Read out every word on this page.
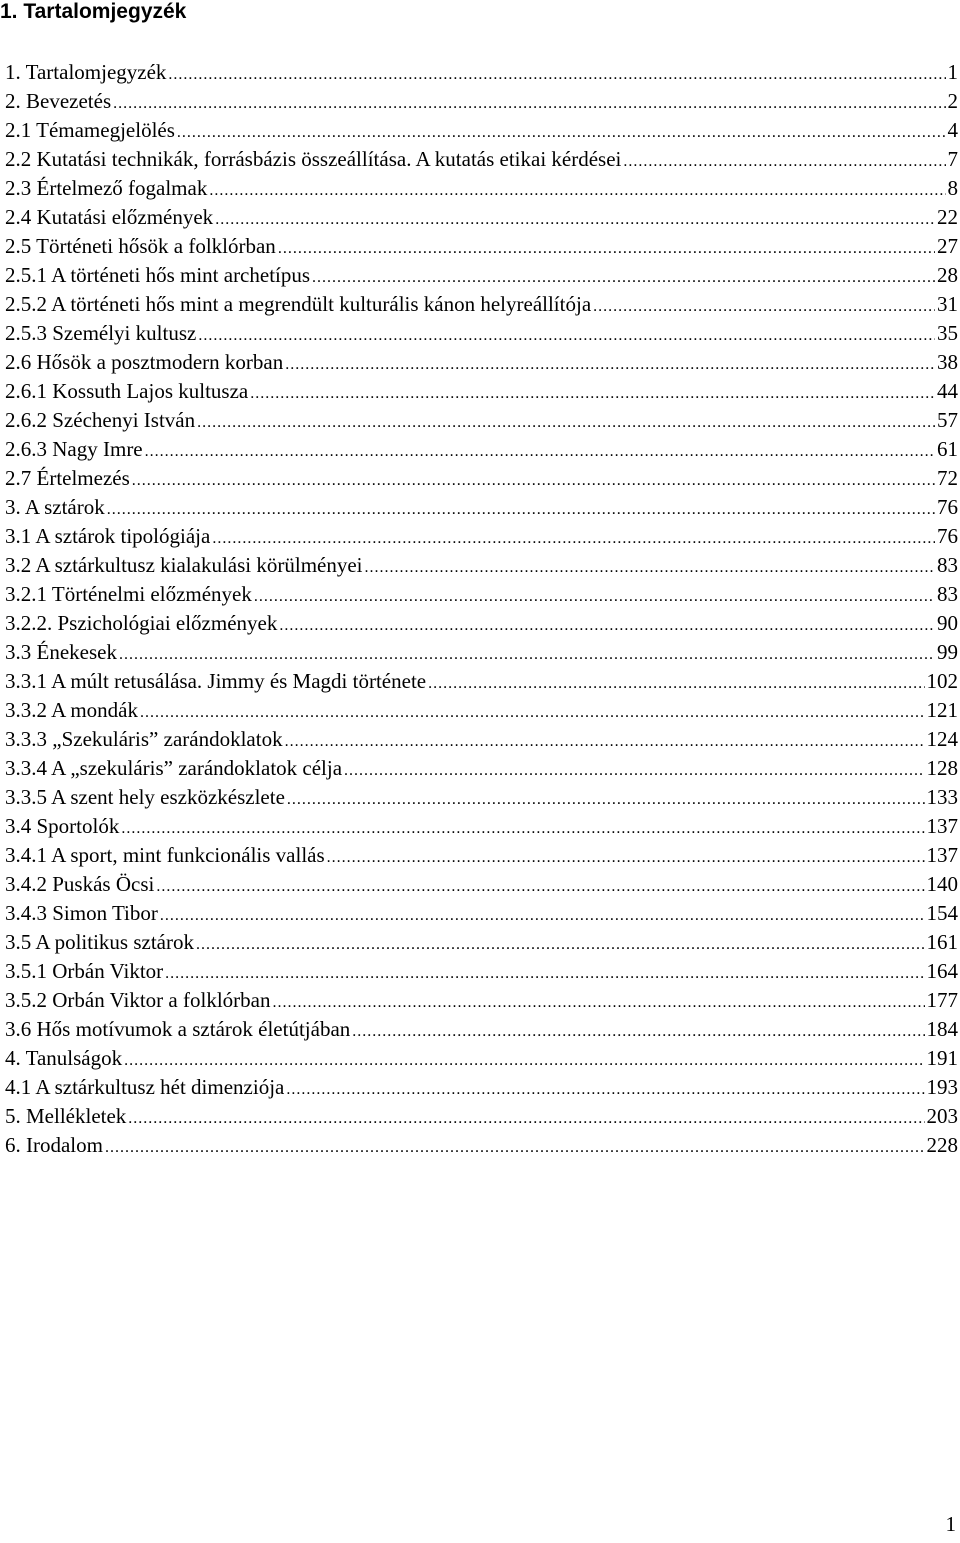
1. Tartalomjegyzék
1. Tartalomjegyzék .....	1
2. Bevezetés .....	2
2.1 Témamegjelölés .....	4
2.2 Kutatási technikák, forrásbázis összeállítása. A kutatás etikai kérdései .....	7
2.3 Értelmező fogalmak .....	8
2.4 Kutatási előzmények .....	22
2.5 Történeti hősök a folklórban .....	27
2.5.1 A történeti hős mint archetípus .....	28
2.5.2 A történeti hős mint a megrendült kulturális kánon helyreállítója .....	31
2.5.3 Személyi kultusz .....	35
2.6 Hősök a posztmodern korban .....	38
2.6.1 Kossuth Lajos kultusza .....	44
2.6.2 Széchenyi István .....	57
2.6.3 Nagy Imre .....	61
2.7 Értelmezés .....	72
3. A sztárok .....	76
3.1 A sztárok tipológiája .....	76
3.2 A sztárkultusz kialakulási körülményei .....	83
3.2.1 Történelmi előzmények .....	83
3.2.2. Pszichológiai előzmények .....	90
3.3 Énekesek .....	99
3.3.1 A múlt retusálása. Jimmy és Magdi története .....	102
3.3.2 A mondák .....	121
3.3.3 „Szekuláris” zarándoklatok .....	124
3.3.4 A „szekuláris” zarándoklatok célja .....	128
3.3.5 A szent hely eszközkészlete .....	133
3.4 Sportolók .....	137
3.4.1 A sport, mint funkcionális vallás .....	137
3.4.2 Puskás Öcsi .....	140
3.4.3 Simon Tibor .....	154
3.5 A politikus sztárok .....	161
3.5.1 Orbán Viktor .....	164
3.5.2 Orbán Viktor a folklórban .....	177
3.6 Hős motívumok a sztárok életútjában .....	184
4. Tanulságok .....	191
4.1 A sztárkultusz hét dimenziója .....	193
5. Mellékletek .....	203
6. Irodalom .....	228
1
